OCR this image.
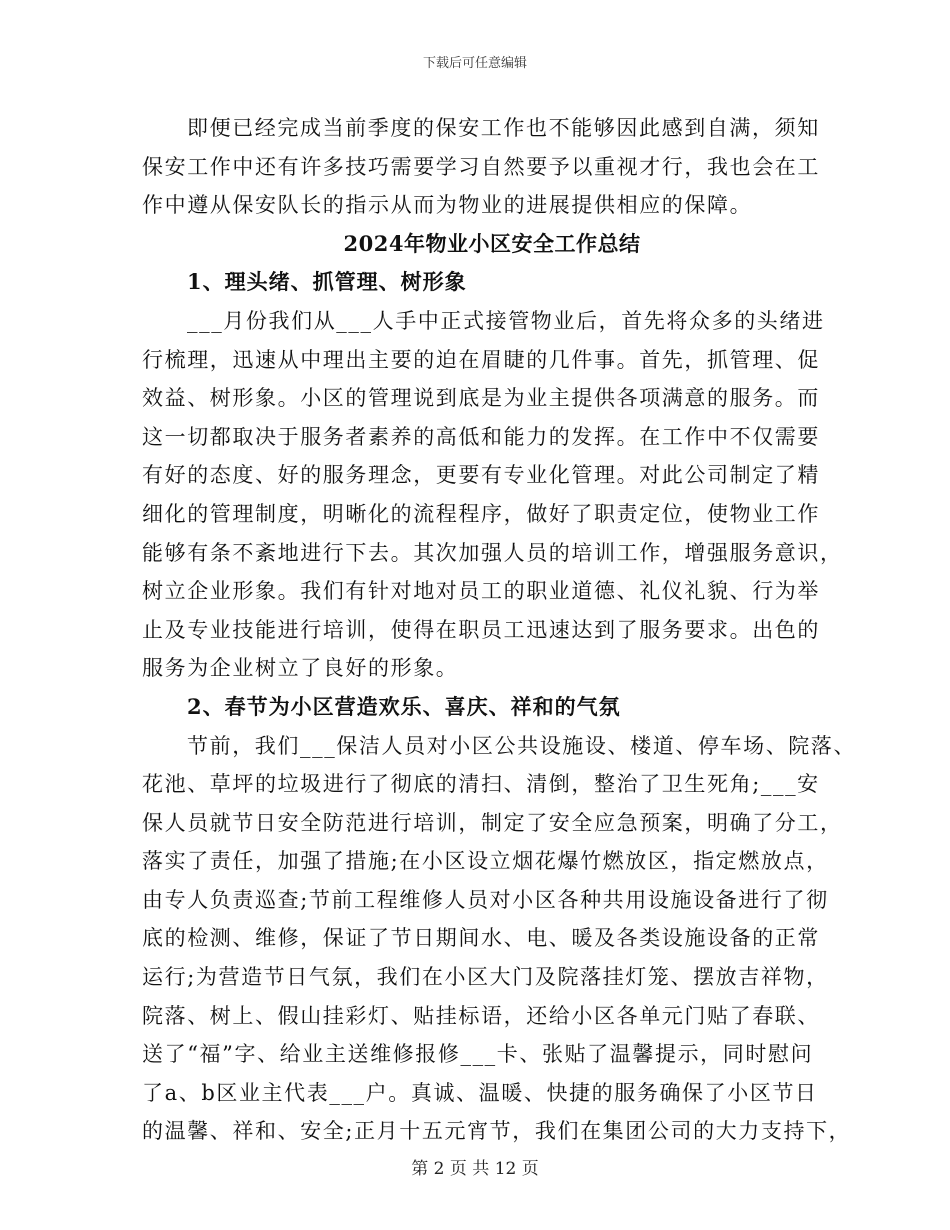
下载后可任意编辑
即便已经完成当前季度的保安工作也不能够因此感到自满，须知
保安工作中还有许多技巧需要学习自然要予以重视才行，我也会在工
作中遵从保安队长的指示从而为物业的进展提供相应的保障。
2024年物业小区安全工作总结
1、理头绪、抓管理、树形象
___月份我们从___人手中正式接管物业后，首先将众多的头绪进
行梳理，迅速从中理出主要的迫在眉睫的几件事。首先，抓管理、促
效益、树形象。小区的管理说到底是为业主提供各项满意的服务。而
这一切都取决于服务者素养的高低和能力的发挥。在工作中不仅需要
有好的态度、好的服务理念，更要有专业化管理。对此公司制定了精
细化的管理制度，明晰化的流程程序，做好了职责定位，使物业工作
能够有条不紊地进行下去。其次加强人员的培训工作，增强服务意识，
树立企业形象。我们有针对地对员工的职业道德、礼仪礼貌、行为举
止及专业技能进行培训，使得在职员工迅速达到了服务要求。出色的
服务为企业树立了良好的形象。
2、春节为小区营造欢乐、喜庆、祥和的气氛
节前，我们___保洁人员对小区公共设施设、楼道、停车场、院落、
花池、草坪的垃圾进行了彻底的清扫、清倒，整治了卫生死角;___安
保人员就节日安全防范进行培训，制定了安全应急预案，明确了分工，
落实了责任，加强了措施;在小区设立烟花爆竹燃放区，指定燃放点，
由专人负责巡查;节前工程维修人员对小区各种共用设施设备进行了彻
底的检测、维修，保证了节日期间水、电、暖及各类设施设备的正常
运行;为营造节日气氛，我们在小区大门及院落挂灯笼、摆放吉祥物，
院落、树上、假山挂彩灯、贴挂标语，还给小区各单元门贴了春联、
送了“福”字、给业主送维修报修___卡、张贴了温馨提示，同时慰问
了a、b区业主代表___户。真诚、温暖、快捷的服务确保了小区节日
的温馨、祥和、安全;正月十五元宵节，我们在集团公司的大力支持下，
第 2 页 共 12 页
